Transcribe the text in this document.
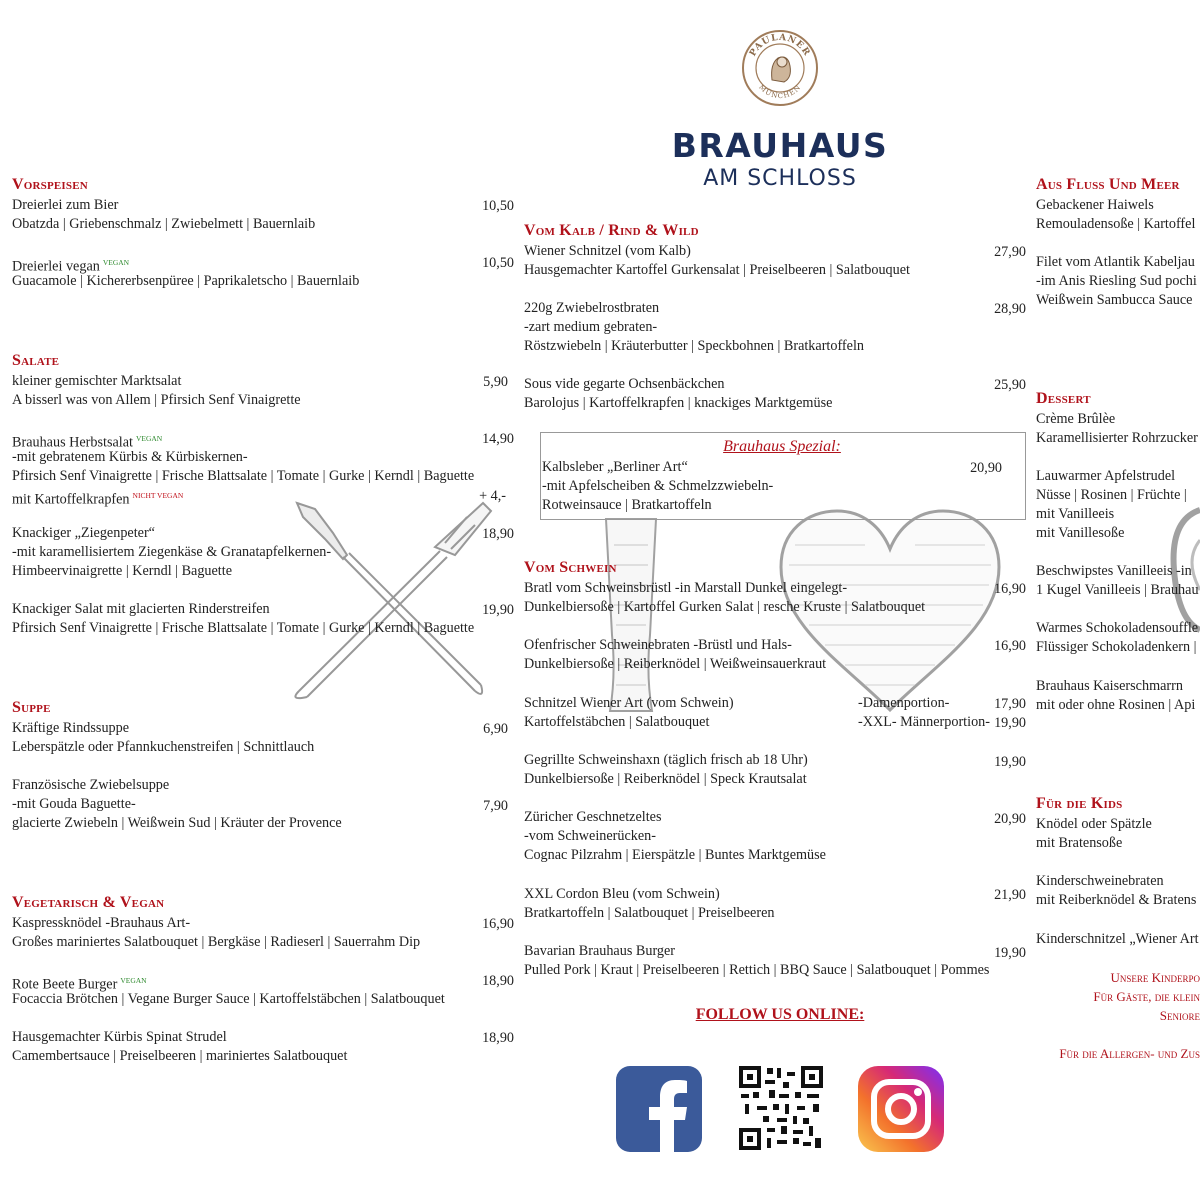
PAULANER
MÜNCHEN
BRAUHAUS
AM SCHLOSS
Vorspeisen
Dreierlei zum Bier
Obatzda | Griebenschmalz | Zwiebelmett | Bauernlaib
10,50
Dreierlei vegan $^{VEGAN}$
Guacamole | Kichererbsenpüree | Paprikaletscho | Bauernlaib
10,50
Salate
kleiner gemischter Marktsalat
A bisserl was von Allem | Pfirsich Senf Vinaigrette
5,90
Brauhaus Herbstsalat $^{VEGAN}$
-mit gebratenem Kürbis & Kürbiskernen-
Pfirsich Senf Vinaigrette | Frische Blattsalate | Tomate | Gurke | Kerndl | Baguette
mit Kartoffelkrapfen $^{NICHT VEGAN}$
14,90
+ 4,-
Knackiger „Ziegenpeter“
-mit karamellisiertem Ziegenkäse & Granatapfelkernen-
Himbeervinaigrette | Kerndl | Baguette
18,90
Knackiger Salat mit glacierten Rinderstreifen
Pfirsich Senf Vinaigrette | Frische Blattsalate | Tomate | Gurke | Kerndl | Baguette
19,90
Suppe
Kräftige Rindssuppe
Leberspätzle oder Pfannkuchenstreifen | Schnittlauch
6,90
Französische Zwiebelsuppe
-mit Gouda Baguette-
glacierte Zwiebeln | Weißwein Sud | Kräuter der Provence
7,90
Vegetarisch & Vegan
Kaspressknödel -Brauhaus Art-
Großes mariniertes Salatbouquet | Bergkäse | Radieserl | Sauerrahm Dip
16,90
Rote Beete Burger $^{VEGAN}$
Focaccia Brötchen | Vegane Burger Sauce | Kartoffelstäbchen | Salatbouquet
18,90
Hausgemachter Kürbis Spinat Strudel
Camembertsauce | Preiselbeeren | mariniertes Salatbouquet
18,90
Vom Kalb / Rind & Wild
Wiener Schnitzel (vom Kalb)
Hausgemachter Kartoffel Gurkensalat | Preiselbeeren | Salatbouquet
27,90
220g Zwiebelrostbraten
-zart medium gebraten-
Röstzwiebeln | Kräuterbutter | Speckbohnen | Bratkartoffeln
28,90
Sous vide gegarte Ochsenbäckchen
Barolojus | Kartoffelkrapfen | knackiges Marktgemüse
25,90
Brauhaus Spezial:
Kalbsleber „Berliner Art“
-mit Apfelscheiben & Schmelzzwiebeln-
Rotweinsauce | Bratkartoffeln
20,90
Vom Schwein
Bratl vom Schweinsbrüstl -in Marstall Dunkel eingelegt-
Dunkelbiersoße | Kartoffel Gurken Salat | resche Kruste | Salatbouquet
16,90
Ofenfrischer Schweinebraten -Brüstl und Hals-
Dunkelbiersoße | Reiberknödel | Weißweinsauerkraut
16,90
Schnitzel Wiener Art (vom Schwein)
Kartoffelstäbchen | Salatbouquet
-Damenportion-
-XXL- Männerportion-
17,90
19,90
Gegrillte Schweinshaxn (täglich frisch ab 18 Uhr)
Dunkelbiersoße | Reiberknödel | Speck Krautsalat
19,90
Züricher Geschnetzeltes
-vom Schweinerücken-
Cognac Pilzrahm | Eierspätzle | Buntes Marktgemüse
20,90
XXL Cordon Bleu (vom Schwein)
Bratkartoffeln | Salatbouquet | Preiselbeeren
21,90
Bavarian Brauhaus Burger
Pulled Pork | Kraut | Preiselbeeren | Rettich | BBQ Sauce | Salatbouquet | Pommes
19,90
FOLLOW US ONLINE:
Aus Fluss Und Meer
Gebackener Haiwels
Remouladensoße | Kartoffel
Filet vom Atlantik Kabeljau
-im Anis Riesling Sud pochi
Weißwein Sambucca Sauce
Dessert
Crème Brûlèe
Karamellisierter Rohrzucker
Lauwarmer Apfelstrudel
Nüsse | Rosinen | Früchte |
mit Vanilleeis
mit Vanillesoße
Beschwipstes Vanilleeis -in
1 Kugel Vanilleeis | Brauhau
Warmes Schokoladensouffle
Flüssiger Schokoladenkern |
Brauhaus Kaiserschmarrn
mit oder ohne Rosinen | Api
Für die Kids
Knödel oder Spätzle
mit Bratensoße
Kinderschweinebraten
mit Reiberknödel & Bratens
Kinderschnitzel „Wiener Art
Unsere Kinderpo
Für Gäste, die klein
Seniore
Für die Allergen- und Zus
